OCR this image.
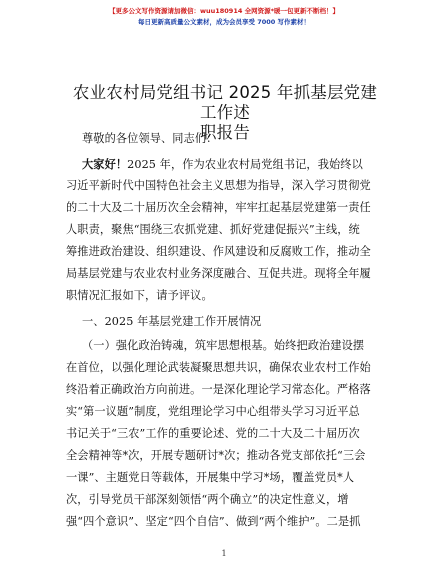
【更多公文写作资源请加微信：wuu180914 全网资源*暖一包更新不断档！】
每日更新高质量公文素材，成为会员享受 7000 写作素材！
农业农村局党组书记 2025 年抓基层党建工作述
职报告
尊敬的各位领导、同志们：
大家好！2025 年，作为农业农村局党组书记，我始终以
习近平新时代中国特色社会主义思想为指导，深入学习贯彻党
的二十大及二十届历次全会精神，牢牢扛起基层党建第一责任
人职责，聚焦“围绕三农抓党建、抓好党建促振兴”主线，统
筹推进政治建设、组织建设、作风建设和反腐败工作，推动全
局基层党建与农业农村业务深度融合、互促共进。现将全年履
职情况汇报如下，请予评议。
一、2025 年基层党建工作开展情况
（一）强化政治铸魂，筑牢思想根基。始终把政治建设摆
在首位，以强化理论武装凝聚思想共识，确保农业农村工作始
终沿着正确政治方向前进。一是深化理论学习常态化。严格落
实“第一议题”制度，党组理论学习中心组带头学习习近平总
书记关于“三农”工作的重要论述、党的二十大及二十届历次
全会精神等*次，开展专题研讨*次；推动各党支部依托“三会
一课”、主题党日等载体，开展集中学习*场，覆盖党员*人
次，引导党员干部深刻领悟“两个确立”的决定性意义，增
强“四个意识”、坚定“四个自信”、做到“两个维护”。二是抓
1
